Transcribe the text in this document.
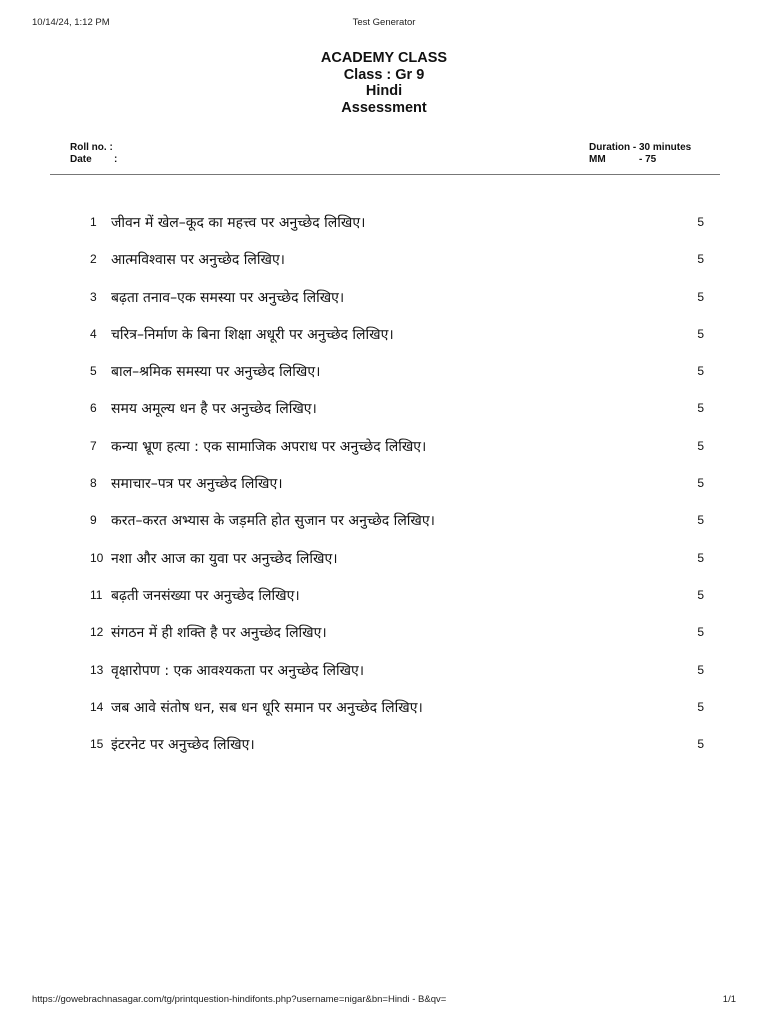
10/14/24, 1:12 PM	Test Generator
ACADEMY CLASS
Class : Gr 9
Hindi
Assessment
Roll no. :
Date	:
Duration - 30 minutes
MM	- 75
1 जीवन में खेल–कूद का महत्त्व पर अनुच्छेद लिखिए।	5
2 आत्मविश्वास पर अनुच्छेद लिखिए।	5
3 बढ़ता तनाव–एक समस्या पर अनुच्छेद लिखिए।	5
4 चरित्र–निर्माण के बिना शिक्षा अधूरी पर अनुच्छेद लिखिए।	5
5 बाल–श्रमिक समस्या पर अनुच्छेद लिखिए।	5
6 समय अमूल्य धन है पर अनुच्छेद लिखिए।	5
7 कन्या भ्रूण हत्या : एक सामाजिक अपराध पर अनुच्छेद लिखिए।	5
8 समाचार–पत्र पर अनुच्छेद लिखिए।	5
9 करत–करत अभ्यास के जड़मति होत सुजान पर अनुच्छेद लिखिए।	5
10 नशा और आज का युवा पर अनुच्छेद लिखिए।	5
11 बढ़ती जनसंख्या पर अनुच्छेद लिखिए।	5
12 संगठन में ही शक्ति है पर अनुच्छेद लिखिए।	5
13 वृक्षारोपण : एक आवश्यकता पर अनुच्छेद लिखिए।	5
14 जब आवे संतोष धन, सब धन धूरि समान पर अनुच्छेद लिखिए।	5
15 इंटरनेट पर अनुच्छेद लिखिए।	5
https://gowebrachnasagar.com/tg/printquestion-hindifonts.php?username=nigar&bn=Hindi - B&qv=	1/1
